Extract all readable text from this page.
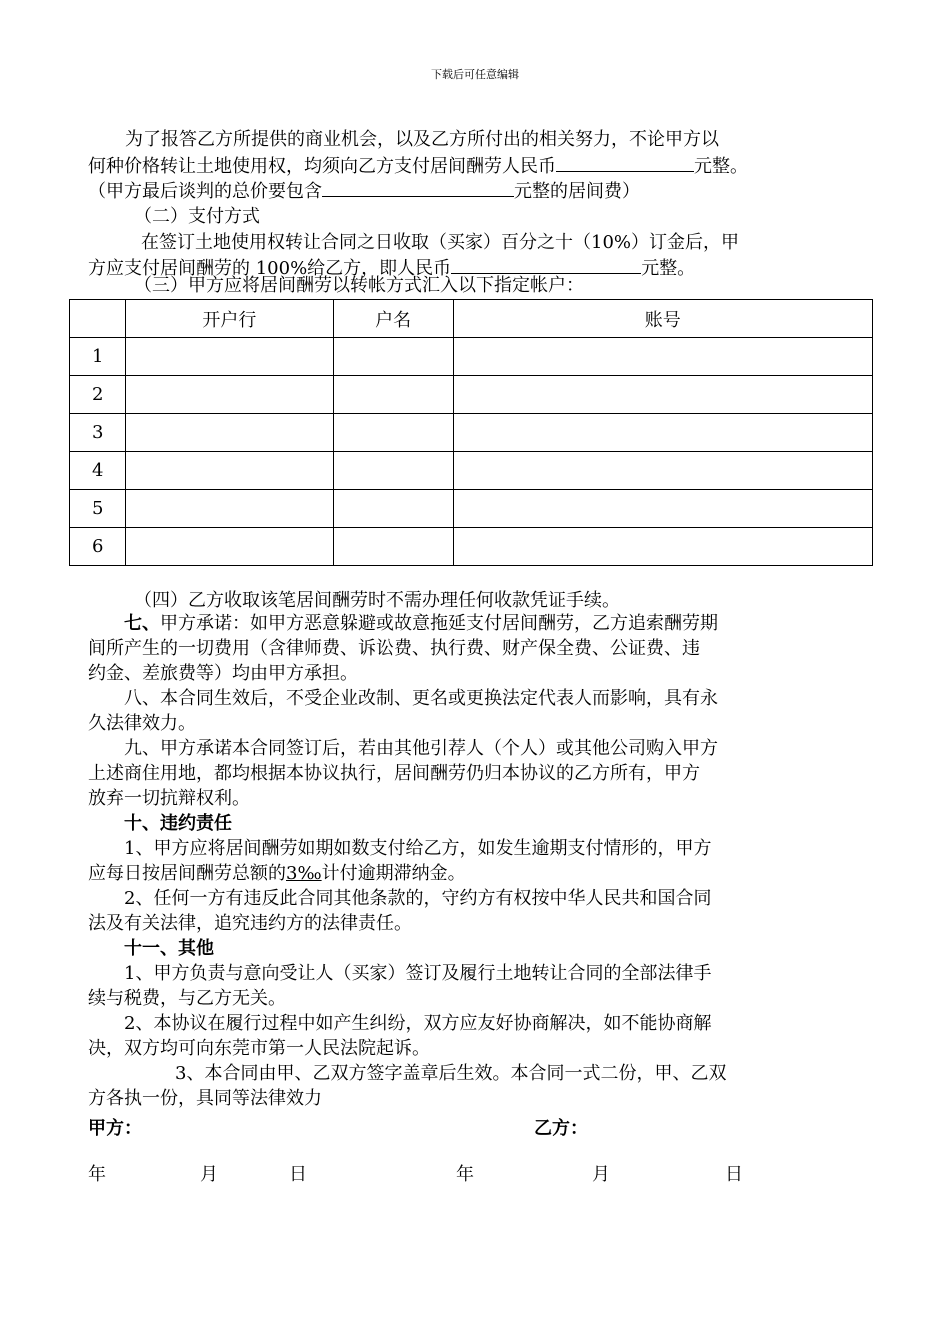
下载后可任意编辑
为了报答乙方所提供的商业机会，以及乙方所付出的相关努力，不论甲方以
何种价格转让土地使用权，均须向乙方支付居间酬劳人民币	元整。
（甲方最后谈判的总价要包含	元整的居间费）
（二）支付方式
在签订土地使用权转让合同之日收取（买家）百分之十（10%）订金后，甲
方应支付居间酬劳的 100%给乙方，即人民币	元整。
（三）甲方应将居间酬劳以转帐方式汇入以下指定帐户：
	开户行	户名	账号
1			
2			
3			
4			
5			
6			
（四）乙方收取该笔居间酬劳时不需办理任何收款凭证手续。
七、甲方承诺：如甲方恶意躲避或故意拖延支付居间酬劳，乙方追索酬劳期
间所产生的一切费用（含律师费、诉讼费、执行费、财产保全费、公证费、违
约金、差旅费等）均由甲方承担。
八、本合同生效后，不受企业改制、更名或更换法定代表人而影响，具有永
久法律效力。
九、甲方承诺本合同签订后，若由其他引荐人（个人）或其他公司购入甲方
上述商住用地，都均根据本协议执行，居间酬劳仍归本协议的乙方所有，甲方
放弃一切抗辩权利。
十、违约责任
1、甲方应将居间酬劳如期如数支付给乙方，如发生逾期支付情形的，甲方
应每日按居间酬劳总额的3‰计付逾期滞纳金。
2、任何一方有违反此合同其他条款的，守约方有权按中华人民共和国合同
法及有关法律，追究违约方的法律责任。
十一、其他
1、甲方负责与意向受让人（买家）签订及履行土地转让合同的全部法律手
续与税费，与乙方无关。
2、本协议在履行过程中如产生纠纷，双方应友好协商解决，如不能协商解
决，双方均可向东莞市第一人民法院起诉。
3、本合同由甲、乙双方签字盖章后生效。本合同一式二份，甲、乙双
方各执一份，具同等法律效力
甲方：	乙方：
年	月	日	年	月	日
